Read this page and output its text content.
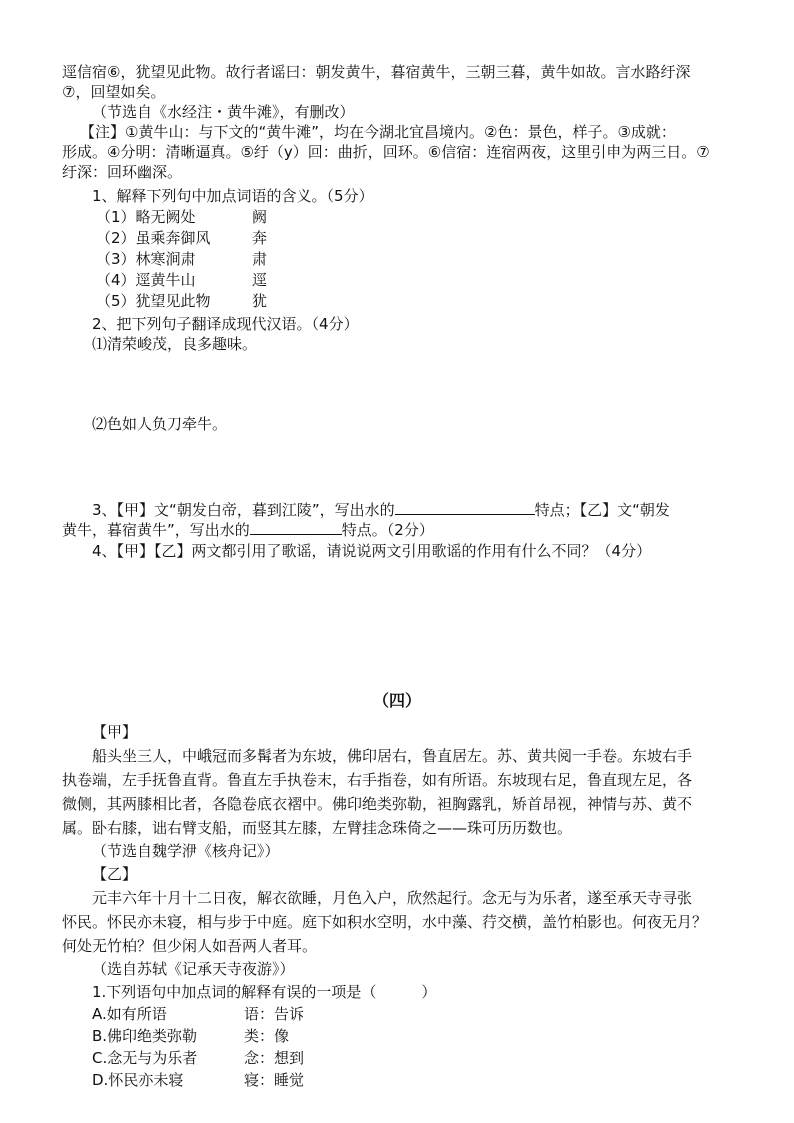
逕信宿⑥，犹望见此物。故行者谣曰：朝发黄牛，暮宿黄牛，三朝三暮，黄牛如故。言水路纡深
⑦，回望如矣。
（节选自《水经注・黄牛滩》，有删改）
【注】①黄牛山：与下文的“黄牛滩”，均在今湖北宜昌境内。②色：景色，样子。③成就：
形成。④分明：清晰逼真。⑤纡（y）回：曲折，回环。⑥信宿：连宿两夜，这里引申为两三日。⑦
纡深：回环幽深。
1、解释下列句中加点词语的含义。（5分）
（1）略无阙处	阙
（2）虽乘奔御风	奔
（3）林寒涧肃	肃
（4）逕黄牛山	逕
（5）犹望见此物	犹
2、把下列句子翻译成现代汉语。（4分）
⑴清荣峻茂，良多趣味。
⑵色如人负刀牵牛。
3、【甲】文“朝发白帝，暮到江陵”，写出水的	特点；【乙】文“朝发
黄牛，暮宿黄牛”，写出水的	特点。（2分）
4、【甲】【乙】两文都引用了歌谣，请说说两文引用歌谣的作用有什么不同？（4分）
（四）
【甲】
船头坐三人，中峨冠而多髯者为东坡，佛印居右，鲁直居左。苏、黄共阅一手卷。东坡右手
执卷端，左手抚鲁直背。鲁直左手执卷末，右手指卷，如有所语。东坡现右足，鲁直现左足，各
微侧，其两膝相比者，各隐卷底衣褶中。佛印绝类弥勒，袒胸露乳，矫首昂视，神情与苏、黄不
属。卧右膝，诎右臂支船，而竖其左膝，左臂挂念珠倚之——珠可历历数也。
（节选自魏学洢《核舟记》）
【乙】
元丰六年十月十二日夜，解衣欲睡，月色入户，欣然起行。念无与为乐者，遂至承天寺寻张
怀民。怀民亦未寝，相与步于中庭。庭下如积水空明，水中藻、荇交横，盖竹柏影也。何夜无月？
何处无竹柏？但少闲人如吾两人者耳。
（选自苏轼《记承天寺夜游》）
1.下列语句中加点词的解释有误的一项是（　　　）
A.如有所语	语：告诉
B.佛印绝类弥勒	类：像
C.念无与为乐者	念：想到
D.怀民亦未寝	寝：睡觉
